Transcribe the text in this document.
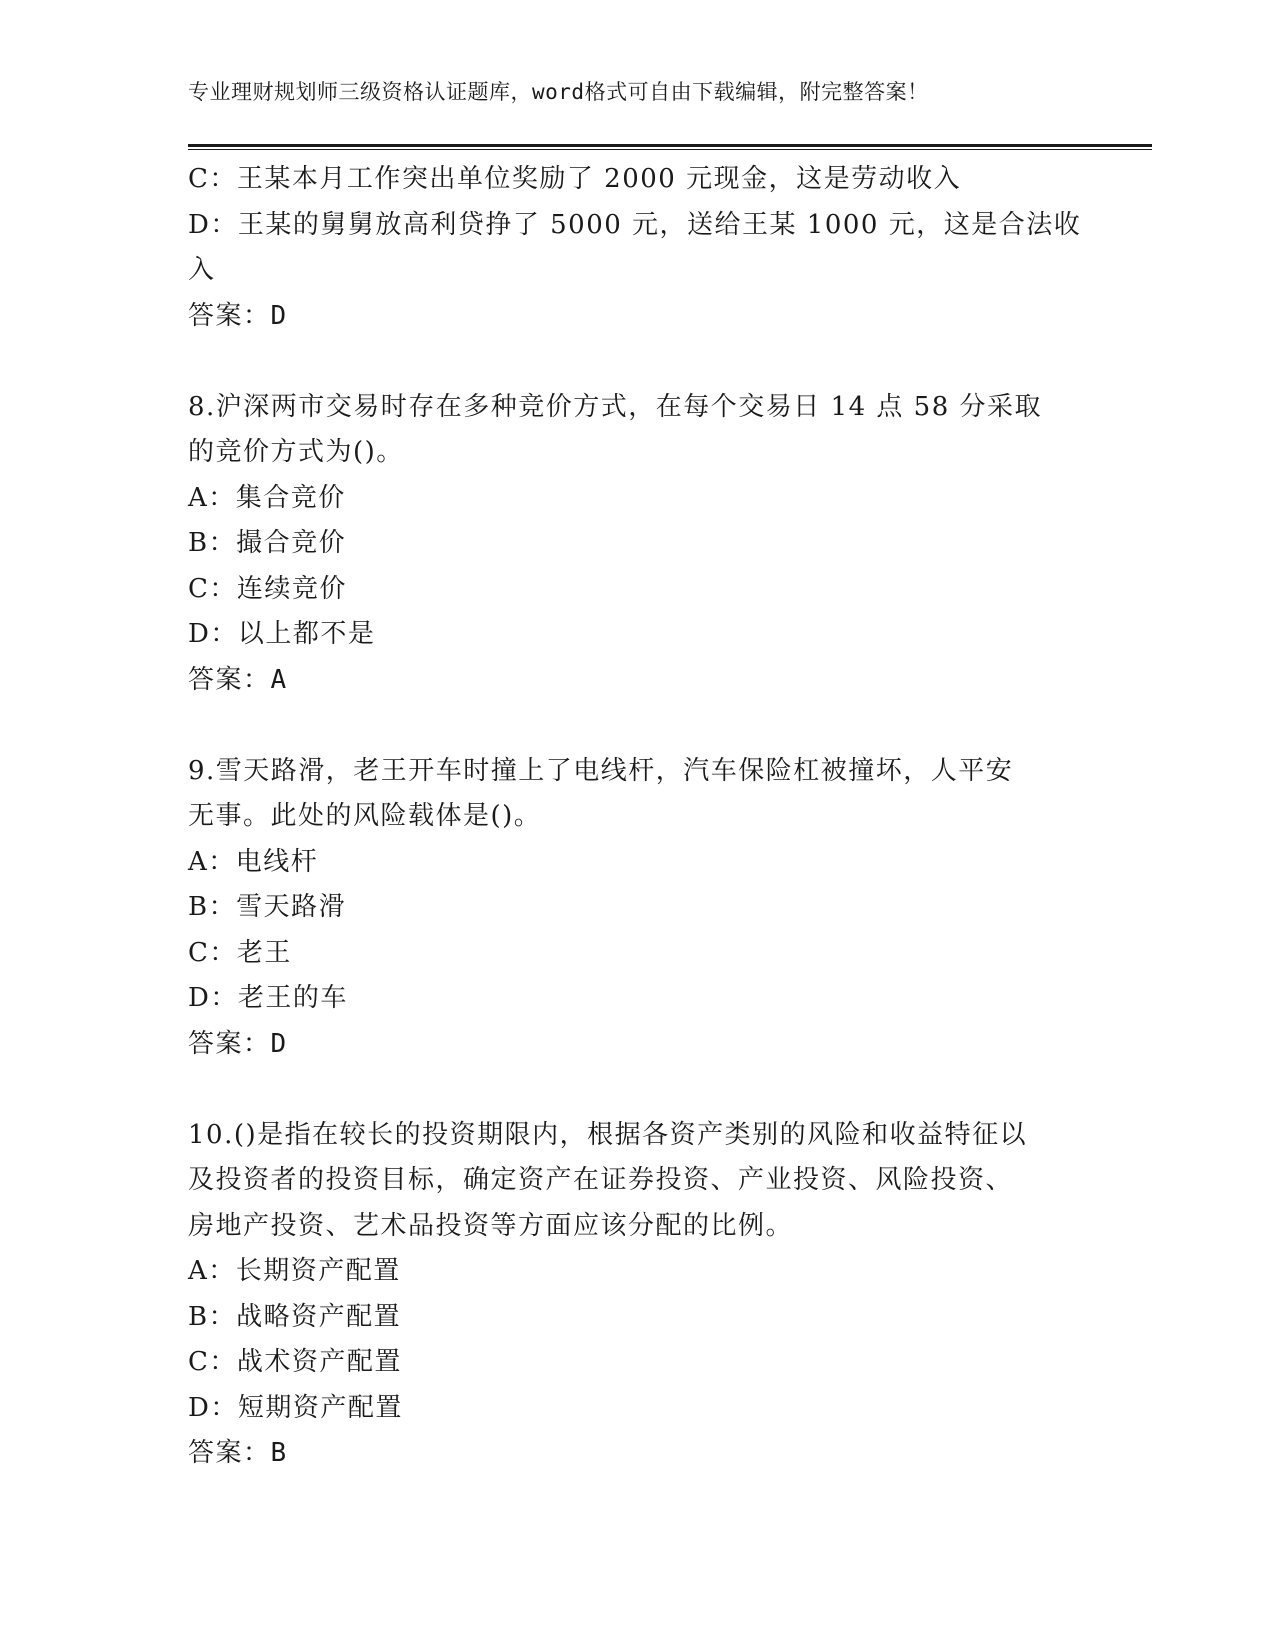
专业理财规划师三级资格认证题库，word格式可自由下载编辑，附完整答案！
C：王某本月工作突出单位奖励了 2000 元现金，这是劳动收入
D：王某的舅舅放高利贷挣了 5000 元，送给王某 1000 元，这是合法收
入
答案：D
8.沪深两市交易时存在多种竞价方式，在每个交易日 14 点 58 分采取
的竞价方式为()。
A：集合竞价
B：撮合竞价
C：连续竞价
D：以上都不是
答案：A
9.雪天路滑，老王开车时撞上了电线杆，汽车保险杠被撞坏，人平安
无事。此处的风险载体是()。
A：电线杆
B：雪天路滑
C：老王
D：老王的车
答案：D
10.()是指在较长的投资期限内，根据各资产类别的风险和收益特征以
及投资者的投资目标，确定资产在证券投资、产业投资、风险投资、
房地产投资、艺术品投资等方面应该分配的比例。
A：长期资产配置
B：战略资产配置
C：战术资产配置
D：短期资产配置
答案：B
